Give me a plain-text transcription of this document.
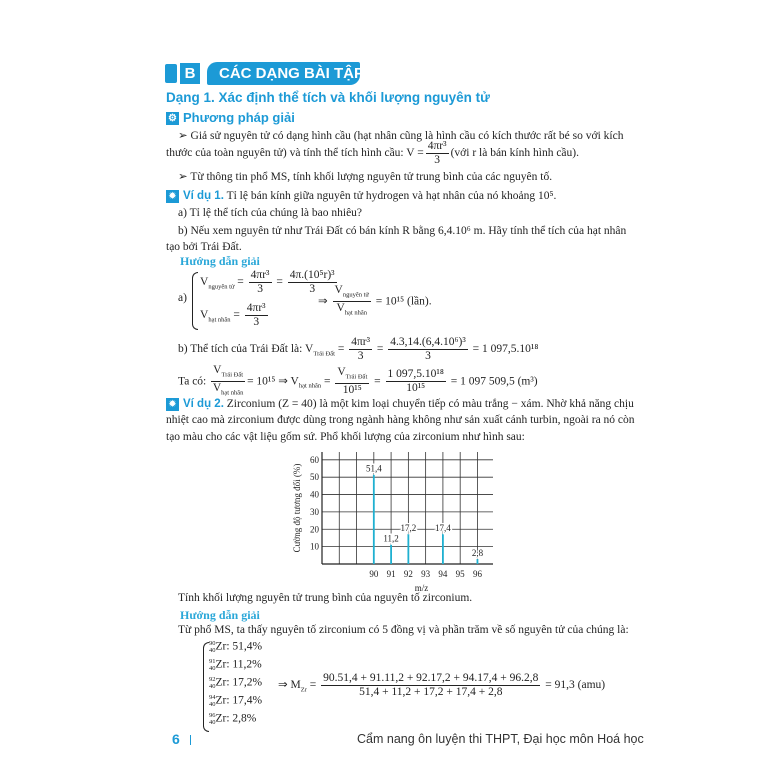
B	CÁC DẠNG BÀI TẬP
Dạng 1. Xác định thể tích và khối lượng nguyên tử
⚙ Phương pháp giải
➢ Giả sử nguyên tử có dạng hình cầu (hạt nhân cũng là hình cầu có kích thước rất bé so với kích
thước của toàn nguyên tử) và tính thể tích hình cầu: $V = \frac{\text{4πr³}}{3}$ (với r là bán kính hình cầu).
➢ Từ thông tin phổ MS, tính khối lượng nguyên tử trung bình của các nguyên tố.
✹ Ví dụ 1. Tỉ lệ bán kính giữa nguyên tử hydrogen và hạt nhân của nó khoảng 10⁵.
a) Tỉ lệ thể tích của chúng là bao nhiêu?
b) Nếu xem nguyên tử như Trái Đất có bán kính R bằng 6,4.10⁶ m. Hãy tính thể tích của hạt nhân
tạo bởi Trái Đất.
Hướng dẫn giải
a)
$V_{nguyên tử} = \frac{\text{4πr³}}{3} = \frac{\text{4π.(10⁵r)³}}{3}$
$V_{hạt nhân} = \frac{\text{4πr³}}{3}$
⇒
$V_{nguyên tử}$
$V_{hạt nhân}$
= 10¹⁵ (lần).
b) Thể tích của Trái Đất là: $V_{Trái Đất} = \frac{\text{4πr³}}{3} = \frac{\text{4.3,14.(6,4.10⁶)³}}{3} = 1$ 097,5.10¹⁸
Ta có:
$V_{Trái Đất}$
$V_{hạt nhân}$
= 10¹⁵ ⇒ $V_{hạt nhân}$ =
$V_{Trái Đất}$
10¹⁵
= $\frac{\text{1 097,5.10¹⁸}}{\text{10¹⁵}} = 1$ 097 509,5 (m³)
✹ Ví dụ 2. Zirconium (Z = 40) là một kim loại chuyển tiếp có màu trắng − xám. Nhờ khả năng chịu
nhiệt cao mà zirconium được dùng trong ngành hàng không như sản xuất cánh turbin, ngoài ra nó còn
tạo màu cho các vật liệu gốm sứ. Phổ khối lượng của zirconium như hình sau:
51,4
11,2
17,2 17,4
2,8
90 91 92 93 94 95 96
10
20
30
40
50
60
m/z
Cường độ tương đối (%)
Tính khối lượng nguyên tử trung bình của nguyên tố zirconium.
Hướng dẫn giải
Từ phổ MS, ta thấy nguyên tố zirconium có 5 đồng vị và phần trăm về số nguyên tử của chúng là:
90
40 Zr: 51,4%
91
40 Zr: 11,2%
92
40 Zr: 17,2%
94
40 Zr: 17,4%
96
40 Zr: 2,8%
⇒ $M_{Zr} = \frac{90.51,4 + 91.11,2 + 92.17,2 + 94.17,4 + 96.2,8}{51,4 + 11,2 + 17,2 + 17,4 + 2,8} = 91,3$ (amu)
6	Cẩm nang ôn luyện thi THPT, Đại học môn Hoá học
